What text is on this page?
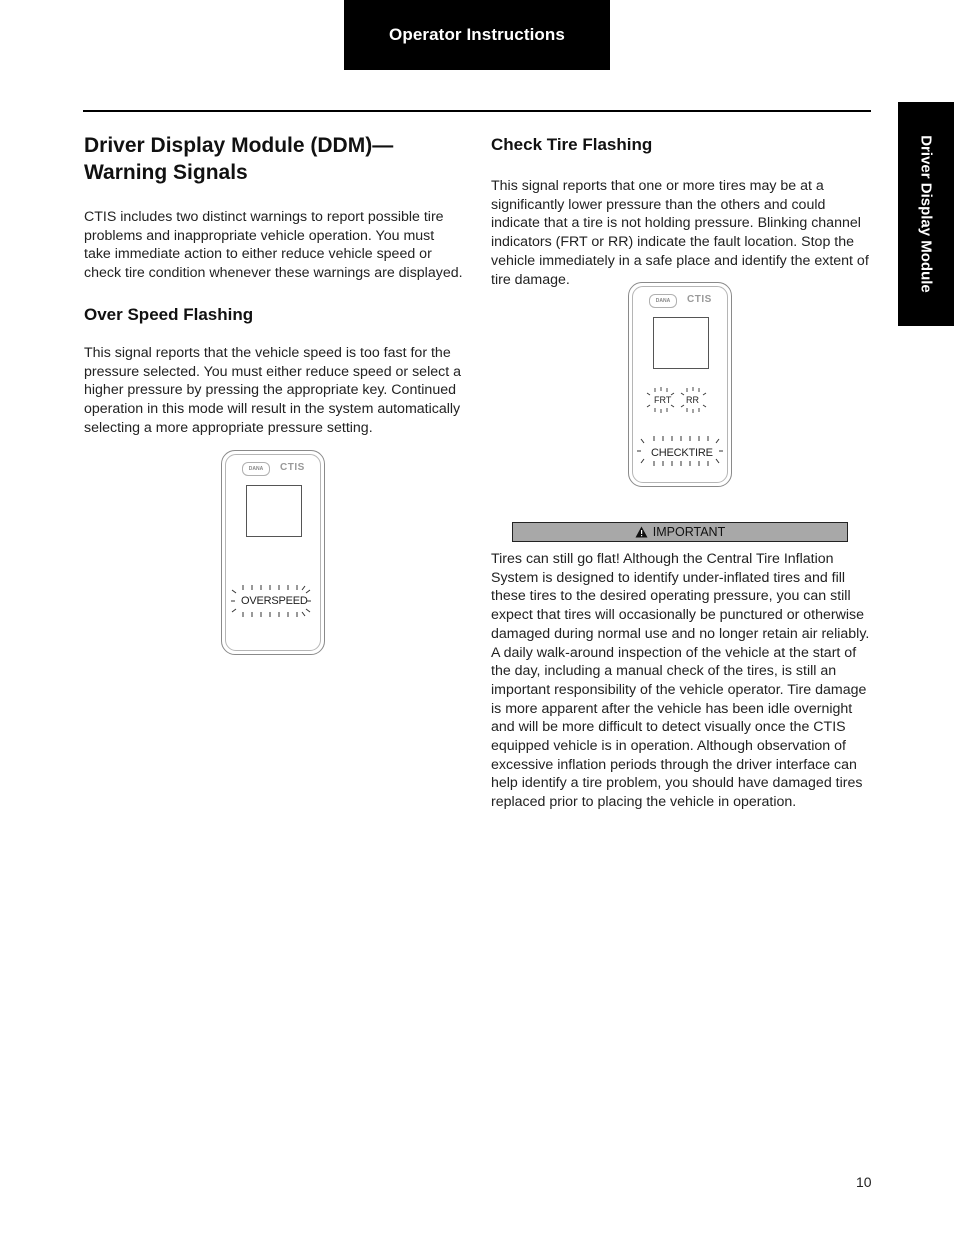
Operator Instructions
Driver Display Module
Driver Display Module (DDM)—Warning Signals

CTIS includes two distinct warnings to report possible tire problems and inappropriate vehicle operation. You must take immediate action to either reduce vehicle speed or check tire condition whenever these warnings are displayed.

Over Speed Flashing

This signal reports that the vehicle speed is too fast for the pressure selected. You must either reduce speed or select a higher pressure by pressing the appropriate key. Continued operation in this mode will result in the system automatically selecting a more appropriate pressure setting.

DANA	CTIS
OVERSPEED
Check Tire Flashing

This signal reports that one or more tires may be at a significantly lower pressure than the others and could indicate that a tire is not holding pressure. Blinking channel indicators (FRT or RR) indicate the fault location. Stop the vehicle immediately in a safe place and identify the extent of tire damage.

DANA	CTIS
FRT RR
CHECKTIRE
IMPORTANT

Tires can still go flat! Although the Central Tire Inflation System is designed to identify under-inflated tires and fill these tires to the desired operating pressure, you can still expect that tires will occasionally be punctured or otherwise damaged during normal use and no longer retain air reliably. A daily walk-around inspection of the vehicle at the start of the day, including a manual check of the tires, is still an important responsibility of the vehicle operator. Tire damage is more apparent after the vehicle has been idle overnight and will be more difficult to detect visually once the CTIS equipped vehicle is in operation. Although observation of excessive inflation periods through the driver interface can help identify a tire problem, you should have damaged tires replaced prior to placing the vehicle in operation.

10
